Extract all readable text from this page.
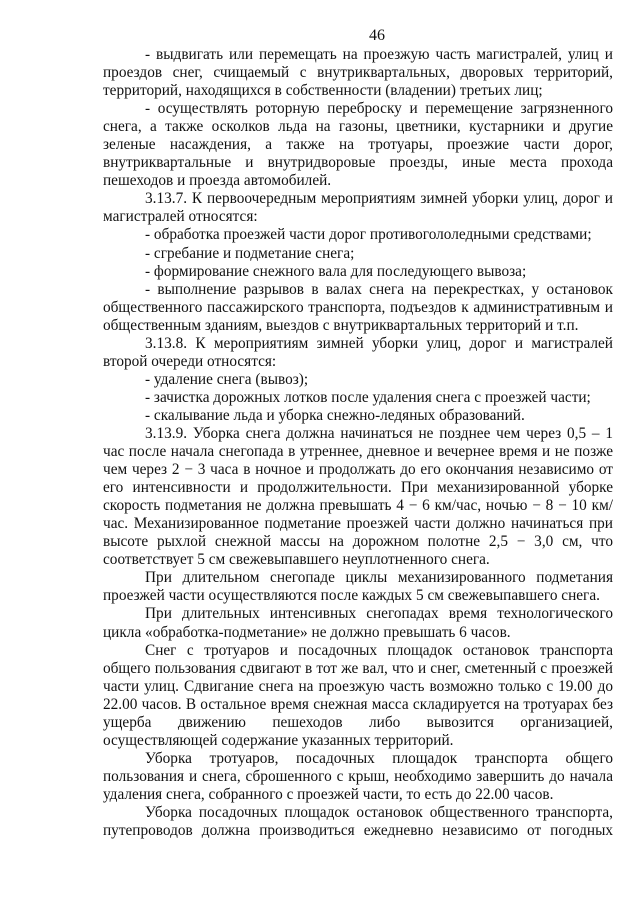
46

- выдвигать или перемещать на проезжую часть магистралей, улиц и проездов снег, счищаемый с внутриквартальных, дворовых территорий, территорий, находящихся в собственности (владении) третьих лиц;

- осуществлять роторную переброску и перемещение загрязненного снега, а также осколков льда на газоны, цветники, кустарники и другие зеленые насаждения, а также на тротуары, проезжие части дорог, внутриквартальные и внутридворовые проезды, иные места прохода пешеходов и проезда автомобилей.

3.13.7. К первоочередным мероприятиям зимней уборки улиц, дорог и магистралей относятся:

- обработка проезжей части дорог противогололедными средствами;

- сгребание и подметание снега;

- формирование снежного вала для последующего вывоза;

- выполнение разрывов в валах снега на перекрестках, у остановок общественного пассажирского транспорта, подъездов к административным и общественным зданиям, выездов с внутриквартальных территорий и т.п.

3.13.8. К мероприятиям зимней уборки улиц, дорог и магистралей второй очереди относятся:

- удаление снега (вывоз);

- зачистка дорожных лотков после удаления снега с проезжей части;

- скалывание льда и уборка снежно-ледяных образований.

3.13.9. Уборка снега должна начинаться не позднее чем через 0,5 – 1 час после начала снегопада в утреннее, дневное и вечернее время и не позже чем через 2 − 3 часа в ночное и продолжать до его окончания независимо от его интенсивности и продолжительности. При механизированной уборке скорость подметания не должна превышать 4 − 6 км/час, ночью − 8 − 10 км/час. Механизированное подметание проезжей части должно начинаться при высоте рыхлой снежной массы на дорожном полотне 2,5 − 3,0 см, что соответствует 5 см свежевыпавшего неуплотненного снега.

При длительном снегопаде циклы механизированного подметания проезжей части осуществляются после каждых 5 см свежевыпавшего снега.

При длительных интенсивных снегопадах время технологического цикла «обработка-подметание» не должно превышать 6 часов.

Снег с тротуаров и посадочных площадок остановок транспорта общего пользования сдвигают в тот же вал, что и снег, сметенный с проезжей части улиц. Сдвигание снега на проезжую часть возможно только с 19.00 до 22.00 часов. В остальное время снежная масса складируется на тротуарах без ущерба движению пешеходов либо вывозится организацией, осуществляющей содержание указанных территорий.

Уборка тротуаров, посадочных площадок транспорта общего пользования и снега, сброшенного с крыш, необходимо завершить до начала удаления снега, собранного с проезжей части, то есть до 22.00 часов.

Уборка посадочных площадок остановок общественного транспорта, путепроводов должна производиться ежедневно независимо от погодных
